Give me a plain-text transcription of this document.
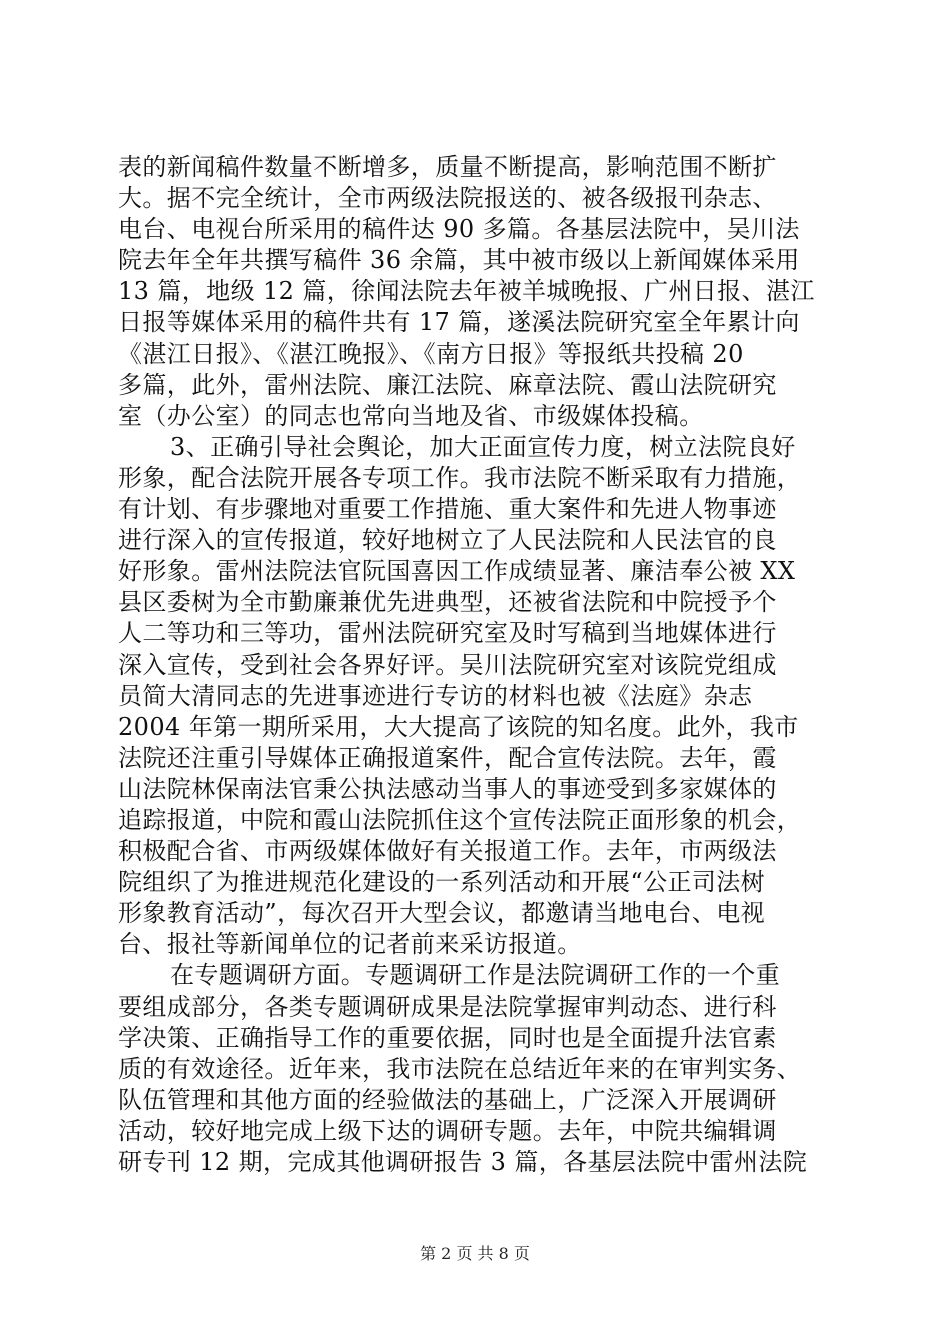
表的新闻稿件数量不断增多，质量不断提高，影响范围不断扩
大。据不完全统计，全市两级法院报送的、被各级报刊杂志、
电台、电视台所采用的稿件达 90 多篇。各基层法院中，吴川法
院去年全年共撰写稿件 36 余篇，其中被市级以上新闻媒体采用
13 篇，地级 12 篇，徐闻法院去年被羊城晚报、广州日报、湛江
日报等媒体采用的稿件共有 17 篇，遂溪法院研究室全年累计向
《湛江日报》、《湛江晚报》、《南方日报》等报纸共投稿 20
多篇，此外，雷州法院、廉江法院、麻章法院、霞山法院研究
室（办公室）的同志也常向当地及省、市级媒体投稿。
3、正确引导社会舆论，加大正面宣传力度，树立法院良好
形象，配合法院开展各专项工作。我市法院不断采取有力措施，
有计划、有步骤地对重要工作措施、重大案件和先进人物事迹
进行深入的宣传报道，较好地树立了人民法院和人民法官的良
好形象。雷州法院法官阮国喜因工作成绩显著、廉洁奉公被 XX
县区委树为全市勤廉兼优先进典型，还被省法院和中院授予个
人二等功和三等功，雷州法院研究室及时写稿到当地媒体进行
深入宣传，受到社会各界好评。吴川法院研究室对该院党组成
员简大清同志的先进事迹进行专访的材料也被《法庭》杂志
2004 年第一期所采用，大大提高了该院的知名度。此外，我市
法院还注重引导媒体正确报道案件，配合宣传法院。去年，霞
山法院林保南法官秉公执法感动当事人的事迹受到多家媒体的
追踪报道，中院和霞山法院抓住这个宣传法院正面形象的机会，
积极配合省、市两级媒体做好有关报道工作。去年，市两级法
院组织了为推进规范化建设的一系列活动和开展“公正司法树
形象教育活动”，每次召开大型会议，都邀请当地电台、电视
台、报社等新闻单位的记者前来采访报道。
在专题调研方面。专题调研工作是法院调研工作的一个重
要组成部分，各类专题调研成果是法院掌握审判动态、进行科
学决策、正确指导工作的重要依据，同时也是全面提升法官素
质的有效途径。近年来，我市法院在总结近年来的在审判实务、
队伍管理和其他方面的经验做法的基础上，广泛深入开展调研
活动，较好地完成上级下达的调研专题。去年，中院共编辑调
研专刊 12 期，完成其他调研报告 3 篇，各基层法院中雷州法院
第 2 页 共 8 页
